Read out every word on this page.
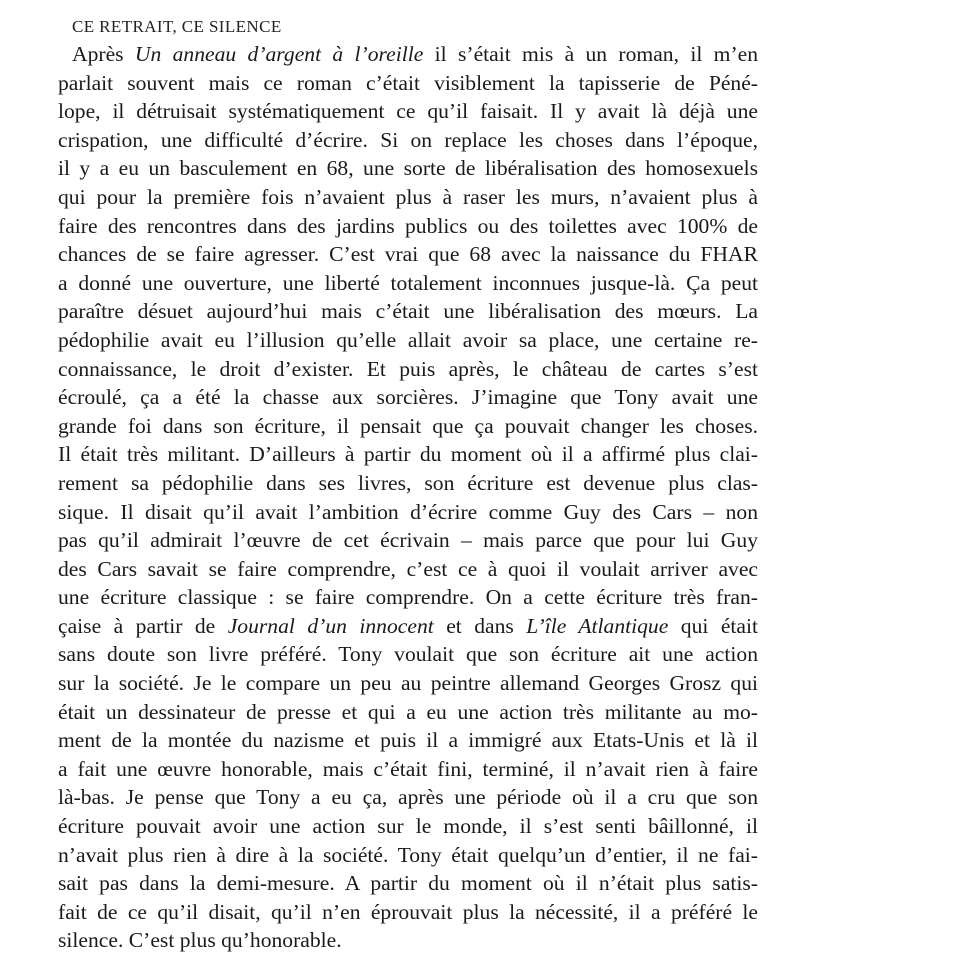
CE RETRAIT, CE SILENCE
Après Un anneau d’argent à l’oreille il s’était mis à un roman, il m’en
parlait souvent mais ce roman c’était visiblement la tapisserie de Péné-
lope, il détruisait systématiquement ce qu’il faisait. Il y avait là déjà une
crispation, une difficulté d’écrire. Si on replace les choses dans l’époque,
il y a eu un basculement en 68, une sorte de libéralisation des homosexuels
qui pour la première fois n’avaient plus à raser les murs, n’avaient plus à
faire des rencontres dans des jardins publics ou des toilettes avec 100% de
chances de se faire agresser. C’est vrai que 68 avec la naissance du FHAR
a donné une ouverture, une liberté totalement inconnues jusque-là. Ça peut
paraître désuet aujourd’hui mais c’était une libéralisation des mœurs. La
pédophilie avait eu l’illusion qu’elle allait avoir sa place, une certaine re-
connaissance, le droit d’exister. Et puis après, le château de cartes s’est
écroulé, ça a été la chasse aux sorcières. J’imagine que Tony avait une
grande foi dans son écriture, il pensait que ça pouvait changer les choses.
Il était très militant. D’ailleurs à partir du moment où il a affirmé plus clai-
rement sa pédophilie dans ses livres, son écriture est devenue plus clas-
sique. Il disait qu’il avait l’ambition d’écrire comme Guy des Cars – non
pas qu’il admirait l’œuvre de cet écrivain – mais parce que pour lui Guy
des Cars savait se faire comprendre, c’est ce à quoi il voulait arriver avec
une écriture classique : se faire comprendre. On a cette écriture très fran-
çaise à partir de Journal d’un innocent et dans L’île Atlantique qui était
sans doute son livre préféré. Tony voulait que son écriture ait une action
sur la société. Je le compare un peu au peintre allemand Georges Grosz qui
était un dessinateur de presse et qui a eu une action très militante au mo-
ment de la montée du nazisme et puis il a immigré aux Etats-Unis et là il
a fait une œuvre honorable, mais c’était fini, terminé, il n’avait rien à faire
là-bas. Je pense que Tony a eu ça, après une période où il a cru que son
écriture pouvait avoir une action sur le monde, il s’est senti bâillonné, il
n’avait plus rien à dire à la société. Tony était quelqu’un d’entier, il ne fai-
sait pas dans la demi-mesure. A partir du moment où il n’était plus satis-
fait de ce qu’il disait, qu’il n’en éprouvait plus la nécessité, il a préféré le
silence. C’est plus qu’honorable.
